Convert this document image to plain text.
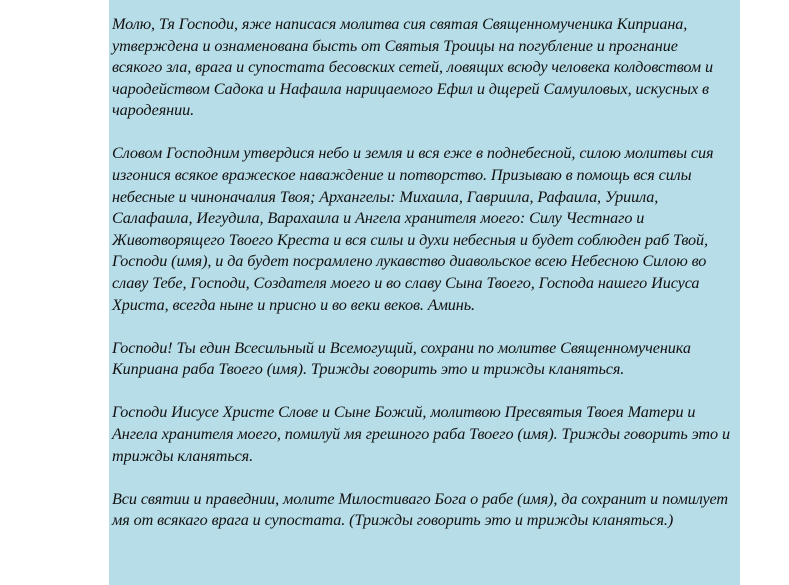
Молю, Тя Господи, яже написася молитва сия святая Священномученика Киприана, утверждена и ознаменована бысть от Святыя Троицы на погубление и прогнание всякого зла, врага и супостата бесовских сетей, ловящих всюду человека колдовством и чародейством Садока и Нафаила нарицаемого Ефил и дщерей Самуиловых, искусных в чародеянии.

Словом Господним утвердися небо и земля и вся еже в поднебесной, силою молитвы сия изгонися всякое вражеское наваждение и потворство. Призываю в помощь вся силы небесные и чиноначалия Твоя; Архангелы: Михаила, Гавриила, Рафаила, Уриила, Салафаила, Иегудила, Варахаила и Ангела хранителя моего: Силу Честнаго и Животворящего Твоего Креста и вся силы и духи небесныя и будет соблюден раб Твой, Господи (имя), и да будет посрамлено лукавство диавольское всею Небесною Силою во славу Тебе, Господи, Создателя моего и во славу Сына Твоего, Господа нашего Иисуса Христа, всегда ныне и присно и во веки веков. Аминь.

Господи! Ты един Всесильный и Всемогущий, сохрани по молитве Священномученика Киприана раба Твоего (имя). Трижды говорить это и трижды кланяться.

Господи Иисусе Христе Слове и Сыне Божий, молитвою Пресвятыя Твоея Матери и Ангела хранителя моего, помилуй мя грешного раба Твоего (имя). Трижды говорить это и трижды кланяться.

Вси святии и праведнии, молите Милостиваго Бога о рабе (имя), да сохранит и помилует мя от всякаго врага и супостата. (Трижды говорить это и трижды кланяться.)
